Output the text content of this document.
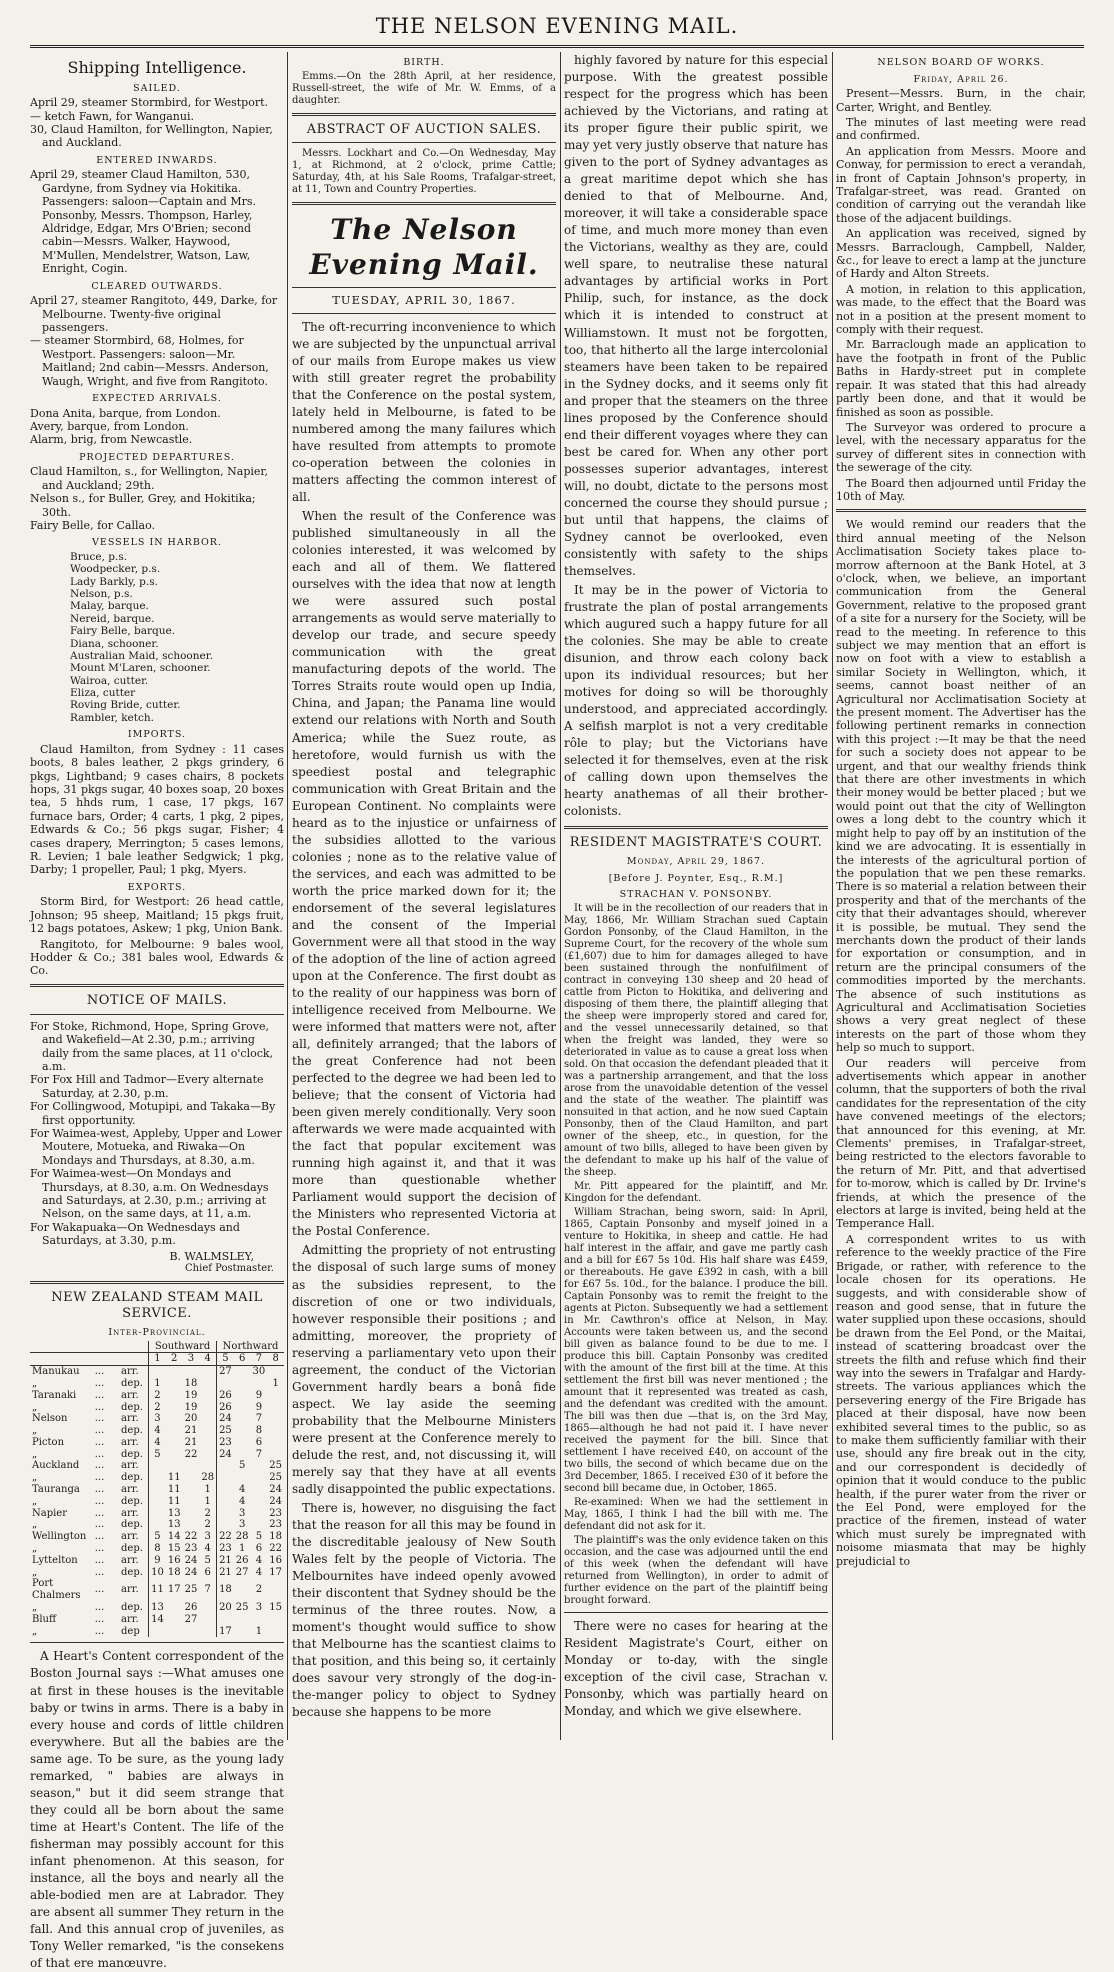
THE NELSON EVENING MAIL.
Shipping Intelligence.
SAILED.

April 29, steamer Stormbird, for Westport.

— ketch Fawn, for Wanganui.

30, Claud Hamilton, for Wellington, Napier, and Auckland.

ENTERED INWARDS.

April 29, steamer Claud Hamilton, 530, Gardyne, from Sydney via Hokitika. Passengers: saloon—Captain and Mrs. Ponsonby, Messrs. Thompson, Harley, Aldridge, Edgar, Mrs O'Brien; second cabin—Messrs. Walker, Haywood, M'Mullen, Mendelstrer, Watson, Law, Enright, Cogin.

CLEARED OUTWARDS.

April 27, steamer Rangitoto, 449, Darke, for Melbourne. Twenty-five original passengers.

— steamer Stormbird, 68, Holmes, for Westport. Passengers: saloon—Mr. Maitland; 2nd cabin—Messrs. Anderson, Waugh, Wright, and five from Rangitoto.

EXPECTED ARRIVALS.

Dona Anita, barque, from London.

Avery, barque, from London.

Alarm, brig, from Newcastle.

PROJECTED DEPARTURES.

Claud Hamilton, s., for Wellington, Napier, and Auckland; 29th.

Nelson s., for Buller, Grey, and Hokitika; 30th.

Fairy Belle, for Callao.

VESSELS IN HARBOR.
Bruce, p.s.
Woodpecker, p.s.
Lady Barkly, p.s.
Nelson, p.s.
Malay, barque.
Nereid, barque.
Fairy Belle, barque.
Diana, schooner.
Australian Maid, schooner.
Mount M'Laren, schooner.
Wairoa, cutter.
Eliza, cutter
Roving Bride, cutter.
Rambler, ketch.
IMPORTS.

Claud Hamilton, from Sydney : 11 cases boots, 8 bales leather, 2 pkgs grindery, 6 pkgs, Lightband; 9 cases chairs, 8 pockets hops, 31 pkgs sugar, 40 boxes soap, 20 boxes tea, 5 hhds rum, 1 case, 17 pkgs, 167 furnace bars, Order; 4 carts, 1 pkg, 2 pipes, Edwards & Co.; 56 pkgs sugar, Fisher; 4 cases drapery, Merrington; 5 cases lemons, R. Levien; 1 bale leather Sedgwick; 1 pkg, Darby; 1 propeller, Paul; 1 pkg, Myers.

EXPORTS.

Storm Bird, for Westport: 26 head cattle, Johnson; 95 sheep, Maitland; 15 pkgs fruit, 12 bags potatoes, Askew; 1 pkg, Union Bank.

Rangitoto, for Melbourne: 9 bales wool, Hodder & Co.; 381 bales wool, Edwards & Co.

NOTICE OF MAILS.

For Stoke, Richmond, Hope, Spring Grove, and Wakefield—At 2.30, p.m.; arriving daily from the same places, at 11 o'clock, a.m.

For Fox Hill and Tadmor—Every alternate Saturday, at 2.30, p.m.

For Collingwood, Motupipi, and Takaka—By first opportunity.

For Waimea-west, Appleby, Upper and Lower Moutere, Motueka, and Riwaka—On Mondays and Thursdays, at 8.30, a.m.

For Waimea-west—On Mondays and Thursdays, at 8.30, a.m. On Wednesdays and Saturdays, at 2.30, p.m.; arriving at Nelson, on the same days, at 11, a.m.

For Wakapuaka—On Wednesdays and Saturdays, at 3.30, p.m.

B. WALMSLEY,
Chief Postmaster.
NEW ZEALAND STEAM MAIL SERVICE.
Inter-Provincial.
			Southward				Northward			
			1	2	3	4	5	6	7	8
Manukau	...	arr.					27		30	
„	...	dep.	1		18					1
Taranaki	...	arr.	2		19		26		9	
„	...	dep.	2		19		26		9	
Nelson	...	arr.	3		20		24		7	
„	...	dep.	4		21		25		8	
Picton	...	arr.	4		21		23		6	
„	...	dep.	5		22		24		7	
Auckland	...	arr.						5		25
„	...	dep.		11		28				25
Tauranga	...	arr.		11		1		4		24
„	...	dep.		11		1		4		24
Napier	...	arr.		13		2		3		23
„	...	dep.		13		2		3		23
Wellington	...	arr.	5	14	22	3	22	28	5	18
„	...	dep.	8	15	23	4	23	1	6	22
Lyttelton	...	arr.	9	16	24	5	21	26	4	16
„	...	dep.	10	18	24	6	21	27	4	17
Port Chalmers	...	arr.	11	17	25	7	18		2	
„	...	dep.	13		26		20	25	3	15
Bluff	...	arr.	14		27					
„	...	dep					17		1	

A Heart's Content correspondent of the Boston Journal says :—What amuses one at first in these houses is the inevitable baby or twins in arms. There is a baby in every house and cords of little children everywhere. But all the babies are the same age. To be sure, as the young lady remarked, " babies are always in season," but it did seem strange that they could all be born about the same time at Heart's Content. The life of the fisherman may possibly account for this infant phenomenon. At this season, for instance, all the boys and nearly all the able-bodied men are at Labrador. They are absent all summer They return in the fall. And this annual crop of juveniles, as Tony Weller remarked, "is the consekens of that ere manœuvre.

BIRTH.

Emms.—On the 28th April, at her residence, Russell-street, the wife of Mr. W. Emms, of a daughter.

ABSTRACT OF AUCTION SALES.

Messrs. Lockhart and Co.—On Wednesday, May 1, at Richmond, at 2 o'clock, prime Cattle; Saturday, 4th, at his Sale Rooms, Trafalgar-street, at 11, Town and Country Properties.

The Nelson Evening Mail.
TUESDAY, APRIL 30, 1867.

The oft-recurring inconvenience to which we are subjected by the unpunctual arrival of our mails from Europe makes us view with still greater regret the probability that the Conference on the postal system, lately held in Melbourne, is fated to be numbered among the many failures which have resulted from attempts to promote co-operation between the colonies in matters affecting the common interest of all.

When the result of the Conference was published simultaneously in all the colonies interested, it was welcomed by each and all of them. We flattered ourselves with the idea that now at length we were assured such postal arrangements as would serve materially to develop our trade, and secure speedy communication with the great manufacturing depots of the world. The Torres Straits route would open up India, China, and Japan; the Panama line would extend our relations with North and South America; while the Suez route, as heretofore, would furnish us with the speediest postal and telegraphic communication with Great Britain and the European Continent. No complaints were heard as to the injustice or unfairness of the subsidies allotted to the various colonies ; none as to the relative value of the services, and each was admitted to be worth the price marked down for it; the endorsement of the several legislatures and the consent of the Imperial Government were all that stood in the way of the adoption of the line of action agreed upon at the Conference. The first doubt as to the reality of our happiness was born of intelligence received from Melbourne. We were informed that matters were not, after all, definitely arranged; that the labors of the great Conference had not been perfected to the degree we had been led to believe; that the consent of Victoria had been given merely conditionally. Very soon afterwards we were made acquainted with the fact that popular excitement was running high against it, and that it was more than questionable whether Parliament would support the decision of the Ministers who represented Victoria at the Postal Conference.

Admitting the propriety of not entrusting the disposal of such large sums of money as the subsidies represent, to the discretion of one or two individuals, however responsible their positions ; and admitting, moreover, the propriety of reserving a parliamentary veto upon their agreement, the conduct of the Victorian Government hardly bears a bonâ fide aspect. We lay aside the seeming probability that the Melbourne Ministers were present at the Conference merely to delude the rest, and, not discussing it, will merely say that they have at all events sadly disappointed the public expectations.

There is, however, no disguising the fact that the reason for all this may be found in the discreditable jealousy of New South Wales felt by the people of Victoria. The Melbournites have indeed openly avowed their discontent that Sydney should be the terminus of the three routes. Now, a moment's thought would suffice to show that Melbourne has the scantiest claims to that position, and this being so, it certainly does savour very strongly of the dog-in-the-manger policy to object to Sydney because she happens to be more

highly favored by nature for this especial purpose. With the greatest possible respect for the progress which has been achieved by the Victorians, and rating at its proper figure their public spirit, we may yet very justly observe that nature has given to the port of Sydney advantages as a great maritime depot which she has denied to that of Melbourne. And, moreover, it will take a considerable space of time, and much more money than even the Victorians, wealthy as they are, could well spare, to neutralise these natural advantages by artificial works in Port Philip, such, for instance, as the dock which it is intended to construct at Williamstown. It must not be forgotten, too, that hitherto all the large intercolonial steamers have been taken to be repaired in the Sydney docks, and it seems only fit and proper that the steamers on the three lines proposed by the Conference should end their different voyages where they can best be cared for. When any other port possesses superior advantages, interest will, no doubt, dictate to the persons most concerned the course they should pursue ; but until that happens, the claims of Sydney cannot be overlooked, even consistently with safety to the ships themselves.

It may be in the power of Victoria to frustrate the plan of postal arrangements which augured such a happy future for all the colonies. She may be able to create disunion, and throw each colony back upon its individual resources; but her motives for doing so will be thoroughly understood, and appreciated accordingly. A selfish marplot is not a very creditable rôle to play; but the Victorians have selected it for themselves, even at the risk of calling down upon themselves the hearty anathemas of all their brother-colonists.

RESIDENT MAGISTRATE'S COURT.
Monday, April 29, 1867.
[Before J. Poynter, Esq., R.M.]
STRACHAN V. PONSONBY.

It will be in the recollection of our readers that in May, 1866, Mr. William Strachan sued Captain Gordon Ponsonby, of the Claud Hamilton, in the Supreme Court, for the recovery of the whole sum (£1,607) due to him for damages alleged to have been sustained through the nonfulfilment of contract in conveying 130 sheep and 20 head of cattle from Picton to Hokitika, and delivering and disposing of them there, the plaintiff alleging that the sheep were improperly stored and cared for, and the vessel unnecessarily detained, so that when the freight was landed, they were so deteriorated in value as to cause a great loss when sold. On that occasion the defendant pleaded that it was a partnership arrangement, and that the loss arose from the unavoidable detention of the vessel and the state of the weather. The plaintiff was nonsuited in that action, and he now sued Captain Ponsonby, then of the Claud Hamilton, and part owner of the sheep, etc., in question, for the amount of two bills, alleged to have been given by the defendant to make up his half of the value of the sheep.

Mr. Pitt appeared for the plaintiff, and Mr. Kingdon for the defendant.

William Strachan, being sworn, said: In April, 1865, Captain Ponsonby and myself joined in a venture to Hokitika, in sheep and cattle. He had half interest in the affair, and gave me partly cash and a bill for £67 5s 10d. His half share was £459, or thereabouts. He gave £392 in cash, with a bill for £67 5s. 10d., for the balance. I produce the bill. Captain Ponsonby was to remit the freight to the agents at Picton. Subsequently we had a settlement in Mr. Cawthron's office at Nelson, in May. Accounts were taken between us, and the second bill given as balance found to be due to me. I produce this bill. Captain Ponsonby was credited with the amount of the first bill at the time. At this settlement the first bill was never mentioned ; the amount that it represented was treated as cash, and the defendant was credited with the amount. The bill was then due —that is, on the 3rd May, 1865—although he had not paid it. I have never received the payment for the bill. Since that settlement I have received £40, on account of the two bills, the second of which became due on the 3rd December, 1865. I received £30 of it before the second bill became due, in October, 1865.

Re-examined: When we had the settlement in May, 1865, I think I had the bill with me. The defendant did not ask for it.

The plaintiff's was the only evidence taken on this occasion, and the case was adjourned until the end of this week (when the defendant will have returned from Wellington), in order to admit of further evidence on the part of the plaintiff being brought forward.

There were no cases for hearing at the Resident Magistrate's Court, either on Monday or to-day, with the single exception of the civil case, Strachan v. Ponsonby, which was partially heard on Monday, and which we give elsewhere.

NELSON BOARD OF WORKS.
Friday, April 26.

Present—Messrs. Burn, in the chair, Carter, Wright, and Bentley.

The minutes of last meeting were read and confirmed.

An application from Messrs. Moore and Conway, for permission to erect a verandah, in front of Captain Johnson's property, in Trafalgar-street, was read. Granted on condition of carrying out the verandah like those of the adjacent buildings.

An application was received, signed by Messrs. Barraclough, Campbell, Nalder, &c., for leave to erect a lamp at the juncture of Hardy and Alton Streets.

A motion, in relation to this application, was made, to the effect that the Board was not in a position at the present moment to comply with their request.

Mr. Barraclough made an application to have the footpath in front of the Public Baths in Hardy-street put in complete repair. It was stated that this had already partly been done, and that it would be finished as soon as possible.

The Surveyor was ordered to procure a level, with the necessary apparatus for the survey of different sites in connection with the sewerage of the city.

The Board then adjourned until Friday the 10th of May.

We would remind our readers that the third annual meeting of the Nelson Acclimatisation Society takes place to-morrow afternoon at the Bank Hotel, at 3 o'clock, when, we believe, an important communication from the General Government, relative to the proposed grant of a site for a nursery for the Society, will be read to the meeting. In reference to this subject we may mention that an effort is now on foot with a view to establish a similar Society in Wellington, which, it seems, cannot boast neither of an Agricultural nor Acclimatisation Society at the present moment. The Advertiser has the following pertinent remarks in connection with this project :—It may be that the need for such a society does not appear to be urgent, and that our wealthy friends think that there are other investments in which their money would be better placed ; but we would point out that the city of Wellington owes a long debt to the country which it might help to pay off by an institution of the kind we are advocating. It is essentially in the interests of the agricultural portion of the population that we pen these remarks. There is so material a relation between their prosperity and that of the merchants of the city that their advantages should, wherever it is possible, be mutual. They send the merchants down the product of their lands for exportation or consumption, and in return are the principal consumers of the commodities imported by the merchants. The absence of such institutions as Agricultural and Acclimatisation Societies shows a very great neglect of these interests on the part of those whom they help so much to support.

Our readers will perceive from advertisements which appear in another column, that the supporters of both the rival candidates for the representation of the city have convened meetings of the electors; that announced for this evening, at Mr. Clements' premises, in Trafalgar-street, being restricted to the electors favorable to the return of Mr. Pitt, and that advertised for to-morow, which is called by Dr. Irvine's friends, at which the presence of the electors at large is invited, being held at the Temperance Hall.

A correspondent writes to us with reference to the weekly practice of the Fire Brigade, or rather, with reference to the locale chosen for its operations. He suggests, and with considerable show of reason and good sense, that in future the water supplied upon these occasions, should be drawn from the Eel Pond, or the Maitai, instead of scattering broadcast over the streets the filth and refuse which find their way into the sewers in Trafalgar and Hardy-streets. The various appliances which the persevering energy of the Fire Brigade has placed at their disposal, have now been exhibited several times to the public, so as to make them sufficiently familiar with their use, should any fire break out in the city, and our correspondent is decidedly of opinion that it would conduce to the public health, if the purer water from the river or the Eel Pond, were employed for the practice of the firemen, instead of water which must surely be impregnated with noisome miasmata that may be highly prejudicial to
